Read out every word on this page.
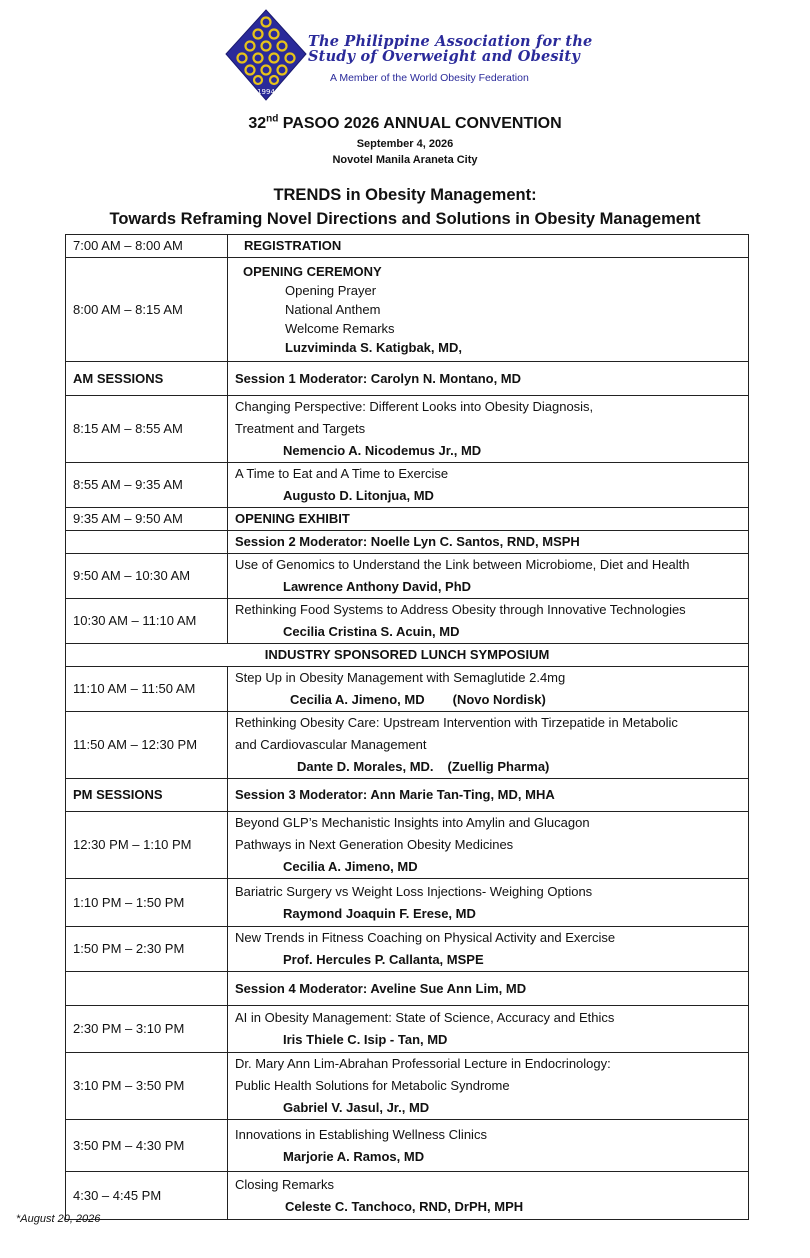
1994
The Philippine Association for the
Study of Overweight and Obesity
A Member of the World Obesity Federation
32nd PASOO 2026 ANNUAL CONVENTION
September 4, 2026
Novotel Manila Araneta City
TRENDS in Obesity Management:
Towards Reframing Novel Directions and Solutions in Obesity Management
7:00 AM – 8:00 AM	REGISTRATION
8:00 AM – 8:15 AM	OPENING CEREMONY
Opening Prayer
National Anthem
Welcome Remarks
Luzviminda S. Katigbak, MD,

AM SESSIONS	Session 1 Moderator: Carolyn N. Montano, MD
8:15 AM – 8:55 AM	Changing Perspective: Different Looks into Obesity Diagnosis,
Treatment and Targets
Nemencio A. Nicodemus Jr., MD

8:55 AM – 9:35 AM	A Time to Eat and A Time to Exercise
Augusto D. Litonjua, MD

9:35 AM – 9:50 AM	OPENING EXHIBIT
	Session 2 Moderator: Noelle Lyn C. Santos, RND, MSPH
9:50 AM – 10:30 AM	Use of Genomics to Understand the Link between Microbiome, Diet and Health
Lawrence Anthony David, PhD

10:30 AM – 11:10 AM	Rethinking Food Systems to Address Obesity through Innovative Technologies
Cecilia Cristina S. Acuin, MD

INDUSTRY SPONSORED LUNCH SYMPOSIUM	
11:10 AM – 11:50 AM	Step Up in Obesity Management with Semaglutide 2.4mg
Cecilia A. Jimeno, MD (Novo Nordisk)

11:50 AM – 12:30 PM	Rethinking Obesity Care: Upstream Intervention with Tirzepatide in Metabolic
and Cardiovascular Management
Dante D. Morales, MD. (Zuellig Pharma)

PM SESSIONS	Session 3 Moderator: Ann Marie Tan-Ting, MD, MHA
12:30 PM – 1:10 PM	Beyond GLP’s Mechanistic Insights into Amylin and Glucagon
Pathways in Next Generation Obesity Medicines
Cecilia A. Jimeno, MD

1:10 PM – 1:50 PM	Bariatric Surgery vs Weight Loss Injections- Weighing Options
Raymond Joaquin F. Erese, MD

1:50 PM – 2:30 PM	New Trends in Fitness Coaching on Physical Activity and Exercise
Prof. Hercules P. Callanta, MSPE

	Session 4 Moderator: Aveline Sue Ann Lim, MD
2:30 PM – 3:10 PM	AI in Obesity Management: State of Science, Accuracy and Ethics
Iris Thiele C. Isip - Tan, MD

3:10 PM – 3:50 PM	Dr. Mary Ann Lim-Abrahan Professorial Lecture in Endocrinology:
Public Health Solutions for Metabolic Syndrome
Gabriel V. Jasul, Jr., MD

3:50 PM – 4:30 PM	Innovations in Establishing Wellness Clinics
Marjorie A. Ramos, MD

4:30 – 4:45 PM	Closing Remarks
Celeste C. Tanchoco, RND, DrPH, MPH
*August 20, 2026
